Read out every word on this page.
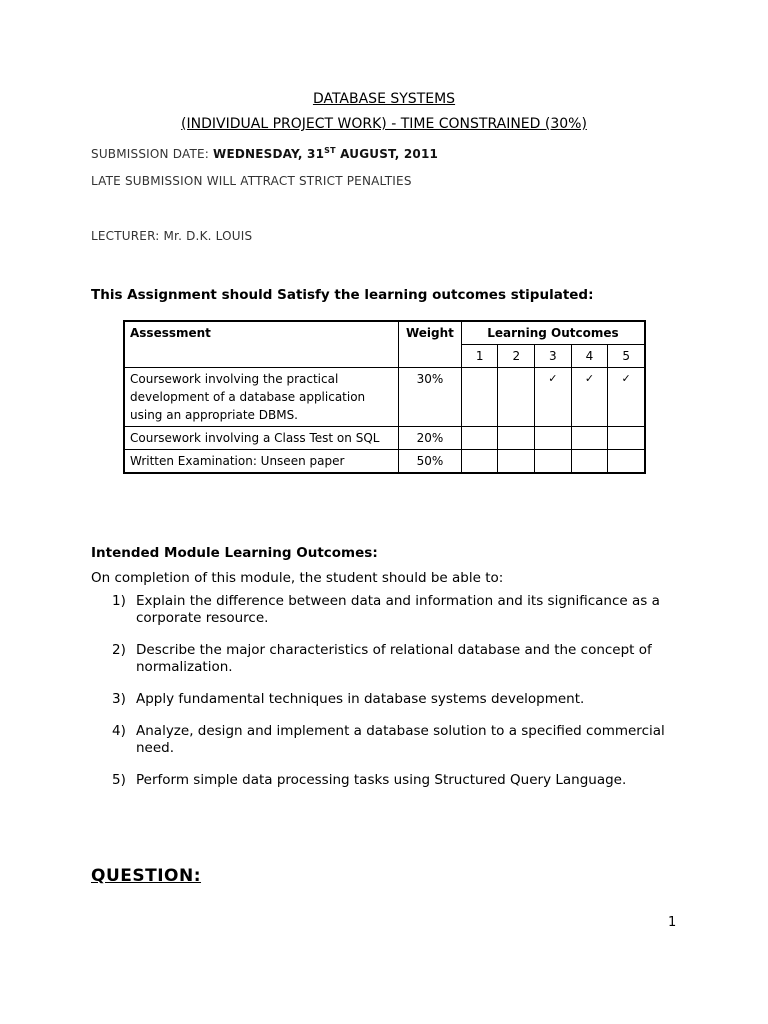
DATABASE SYSTEMS
(INDIVIDUAL PROJECT WORK) - TIME CONSTRAINED (30%)
SUBMISSION DATE: WEDNESDAY, 31ST AUGUST, 2011
LATE SUBMISSION WILL ATTRACT STRICT PENALTIES
LECTURER: Mr. D.K. LOUIS
This Assignment should Satisfy the learning outcomes stipulated:
Assessment	Weight	Learning Outcomes				
		1	2	3	4	5
Coursework involving the practical development of a database application using an appropriate DBMS.	30%			✓	✓	✓
Coursework involving a Class Test on SQL	20%					
Written Examination: Unseen paper	50%					
Intended Module Learning Outcomes:
On completion of this module, the student should be able to:
1) Explain the difference between data and information and its significance as a corporate resource.
2) Describe the major characteristics of relational database and the concept of normalization.
3) Apply fundamental techniques in database systems development.
4) Analyze, design and implement a database solution to a specified commercial need.
5) Perform simple data processing tasks using Structured Query Language.
QUESTION:
1
